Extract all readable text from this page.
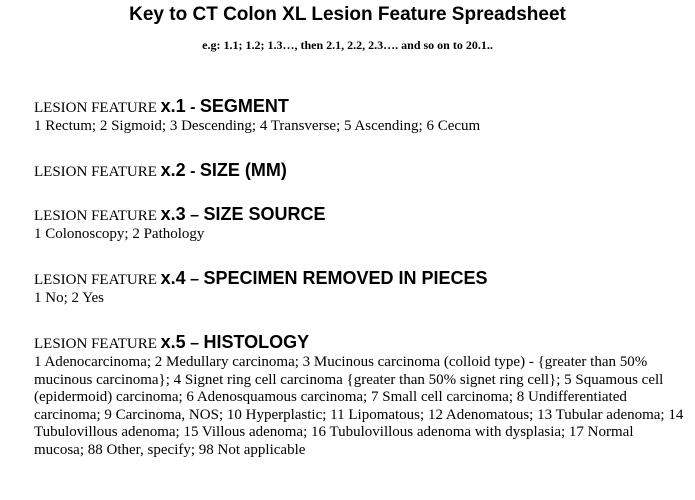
Key to CT Colon XL Lesion Feature Spreadsheet
e.g: 1.1; 1.2; 1.3…, then 2.1, 2.2, 2.3…. and so on to 20.1..
LESION FEATURE x.1 - SEGMENT
1 Rectum; 2 Sigmoid; 3 Descending; 4 Transverse; 5 Ascending; 6 Cecum
LESION FEATURE x.2 - SIZE (MM)
LESION FEATURE x.3 – SIZE SOURCE
1 Colonoscopy; 2 Pathology
LESION FEATURE x.4 – SPECIMEN REMOVED IN PIECES
1 No; 2 Yes
LESION FEATURE x.5 – HISTOLOGY
1 Adenocarcinoma; 2 Medullary carcinoma; 3 Mucinous carcinoma (colloid type) - {greater than 50% mucinous carcinoma}; 4 Signet ring cell carcinoma {greater than 50% signet ring cell}; 5 Squamous cell (epidermoid) carcinoma; 6 Adenosquamous carcinoma; 7 Small cell carcinoma; 8 Undifferentiated carcinoma; 9 Carcinoma, NOS; 10 Hyperplastic; 11 Lipomatous; 12 Adenomatous; 13 Tubular adenoma; 14 Tubulovillous adenoma; 15 Villous adenoma; 16 Tubulovillous adenoma with dysplasia; 17 Normal mucosa; 88 Other, specify; 98 Not applicable
